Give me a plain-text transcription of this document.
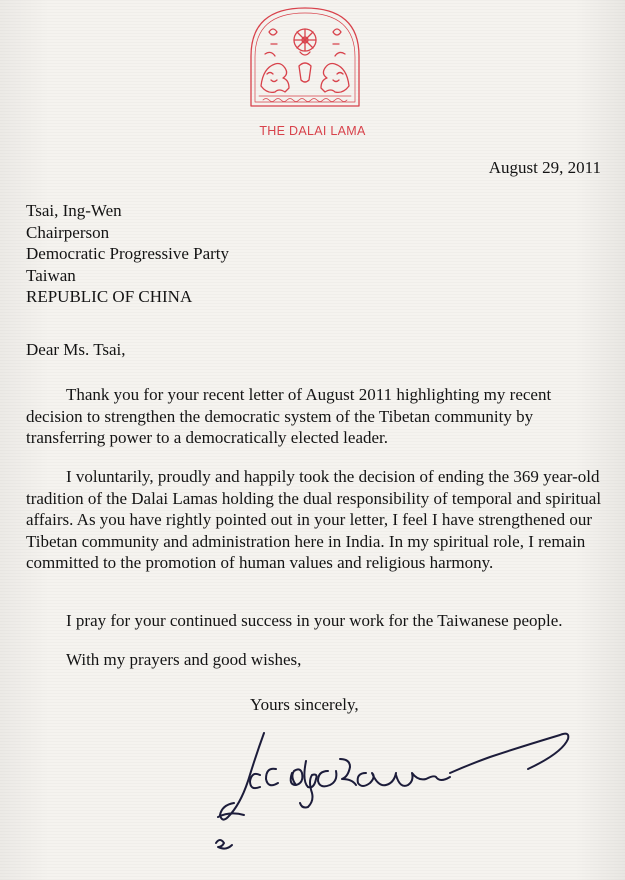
THE DALAI LAMA
August 29, 2011
Tsai, Ing-Wen
Chairperson
Democratic Progressive Party
Taiwan
REPUBLIC OF CHINA
Dear Ms. Tsai,
Thank you for your recent letter of August 2011 highlighting my recent decision to strengthen the democratic system of the Tibetan community by transferring power to a democratically elected leader.
I voluntarily, proudly and happily took the decision of ending the 369 year-old tradition of the Dalai Lamas holding the dual responsibility of temporal and spiritual affairs. As you have rightly pointed out in your letter, I feel I have strengthened our Tibetan community and administration here in India. In my spiritual role, I remain committed to the promotion of human values and religious harmony.
I pray for your continued success in your work for the Taiwanese people.
With my prayers and good wishes,
Yours sincerely,
